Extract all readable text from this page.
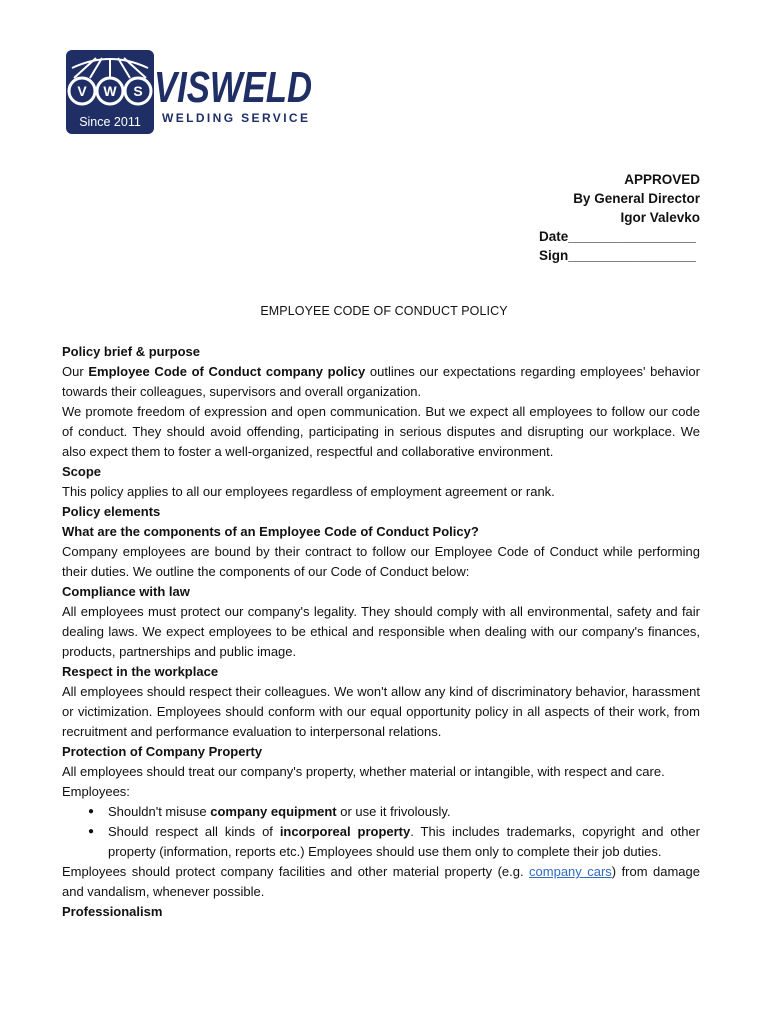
V W S
Since 2011
VISWELD
WELDING SERVICE
APPROVED
By General Director
Igor Valevko
Date_________________
Sign_________________
EMPLOYEE CODE OF CONDUCT POLICY

Policy brief & purpose

Our Employee Code of Conduct company policy outlines our expectations regarding employees' behavior towards their colleagues, supervisors and overall organization.

We promote freedom of expression and open communication. But we expect all employees to follow our code of conduct. They should avoid offending, participating in serious disputes and disrupting our workplace. We also expect them to foster a well-organized, respectful and collaborative environment.

Scope

This policy applies to all our employees regardless of employment agreement or rank.

Policy elements

What are the components of an Employee Code of Conduct Policy?

Company employees are bound by their contract to follow our Employee Code of Conduct while performing their duties. We outline the components of our Code of Conduct below:

Compliance with law

All employees must protect our company's legality. They should comply with all environmental, safety and fair dealing laws. We expect employees to be ethical and responsible when dealing with our company's finances, products, partnerships and public image.

Respect in the workplace

All employees should respect their colleagues. We won't allow any kind of discriminatory behavior, harassment or victimization. Employees should conform with our equal opportunity policy in all aspects of their work, from recruitment and performance evaluation to interpersonal relations.

Protection of Company Property

All employees should treat our company's property, whether material or intangible, with respect and care.

Employees:

● Shouldn't misuse company equipment or use it frivolously.
● Should respect all kinds of incorporeal property. This includes trademarks, copyright and other property (information, reports etc.) Employees should use them only to complete their job duties.

Employees should protect company facilities and other material property (e.g. company cars) from damage and vandalism, whenever possible.

Professionalism
